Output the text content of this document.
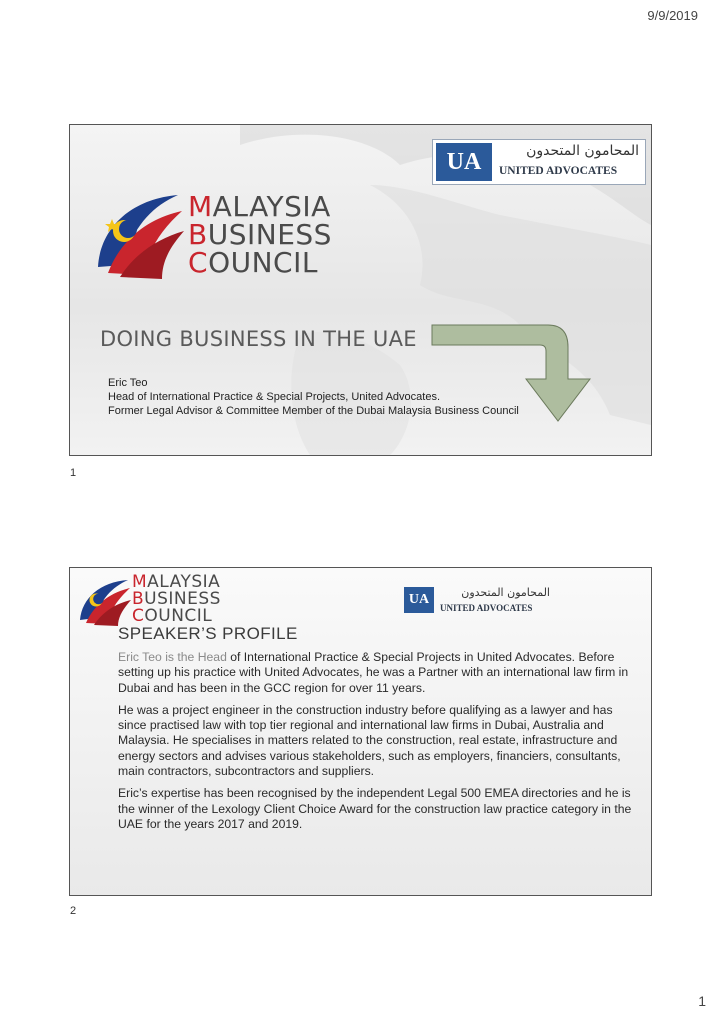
9/9/2019
MALAYSIA
BUSINESS
COUNCIL
UA	المحامون المتحدون
UNITED ADVOCATES
DOING BUSINESS IN THE UAE
Eric Teo
Head of International Practice & Special Projects, United Advocates.
Former Legal Advisor & Committee Member of the Dubai Malaysia Business Council
1
MALAYSIA
BUSINESS
COUNCIL
UA	المحامون المتحدون
UNITED ADVOCATES
SPEAKER’S PROFILE

Eric Teo is the Head of International Practice & Special Projects in United Advocates. Before setting up his practice with United Advocates, he was a Partner with an international law firm in Dubai and has been in the GCC region for over 11 years.

He was a project engineer in the construction industry before qualifying as a lawyer and has since practised law with top tier regional and international law firms in Dubai, Australia and Malaysia. He specialises in matters related to the construction, real estate, infrastructure and energy sectors and advises various stakeholders, such as employers, financiers, consultants, main contractors, subcontractors and suppliers.

Eric’s expertise has been recognised by the independent Legal 500 EMEA directories and he is the winner of the Lexology Client Choice Award for the construction law practice category in the UAE for the years 2017 and 2019.

2
1
